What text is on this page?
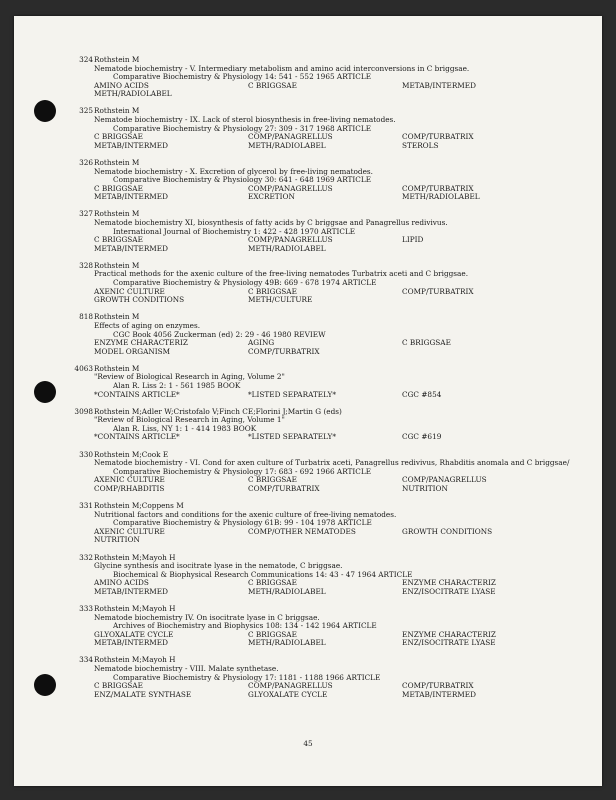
324 Rothstein M
Nematode biochemistry - V. Intermediary metabolism and amino acid interconversions in C briggsae.
Comparative Biochemistry & Physiology 14: 541 - 552 1965 ARTICLE
AMINO ACIDS	C BRIGGSAE	METAB/INTERMED
METH/RADIOLABEL
325 Rothstein M
Nematode biochemistry - IX. Lack of sterol biosynthesis in free-living nematodes.
Comparative Biochemistry & Physiology 27: 309 - 317 1968 ARTICLE
C BRIGGSAE	COMP/PANAGRELLUS	COMP/TURBATRIX
METAB/INTERMED	METH/RADIOLABEL	STEROLS
326 Rothstein M
Nematode biochemistry - X. Excretion of glycerol by free-living nematodes.
Comparative Biochemistry & Physiology 30: 641 - 648 1969 ARTICLE
C BRIGGSAE	COMP/PANAGRELLUS	COMP/TURBATRIX
METAB/INTERMED	EXCRETION	METH/RADIOLABEL
327 Rothstein M
Nematode biochemistry XI, biosynthesis of fatty acids by C briggsae and Panagrellus redivivus.
International Journal of Biochemistry 1: 422 - 428 1970 ARTICLE
C BRIGGSAE	COMP/PANAGRELLUS	LIPID
METAB/INTERMED	METH/RADIOLABEL
328 Rothstein M
Practical methods for the axenic culture of the free-living nematodes Turbatrix aceti and C briggsae.
Comparative Biochemistry & Physiology 49B: 669 - 678 1974 ARTICLE
AXENIC CULTURE	C BRIGGSAE	COMP/TURBATRIX
GROWTH CONDITIONS	METH/CULTURE
818 Rothstein M
Effects of aging on enzymes.
CGC Book 4056 Zuckerman (ed) 2: 29 - 46 1980 REVIEW
ENZYME CHARACTERIZ	AGING	C BRIGGSAE
MODEL ORGANISM	COMP/TURBATRIX
4063 Rothstein M
"Review of Biological Research in Aging, Volume 2"
Alan R. Liss 2: 1 - 561 1985 BOOK
*CONTAINS ARTICLE*	*LISTED SEPARATELY*	CGC #854
3098 Rothstein M;Adler W;Cristofalo V;Finch CE;Florini J;Martin G (eds)
"Review of Biological Research in Aging, Volume 1"
Alan R. Liss, NY 1: 1 - 414 1983 BOOK
*CONTAINS ARTICLE*	*LISTED SEPARATELY*	CGC #619
330 Rothstein M;Cook E
Nematode biochemistry - VI. Cond for axen culture of Turbatrix aceti, Panagrellus redivivus, Rhabditis anomala and C briggsae/
Comparative Biochemistry & Physiology 17: 683 - 692 1966 ARTICLE
AXENIC CULTURE	C BRIGGSAE	COMP/PANAGRELLUS
COMP/RHABDITIS	COMP/TURBATRIX	NUTRITION
331 Rothstein M;Coppens M
Nutritional factors and conditions for the axenic culture of free-living nematodes.
Comparative Biochemistry & Physiology 61B: 99 - 104 1978 ARTICLE
AXENIC CULTURE	COMP/OTHER NEMATODES	GROWTH CONDITIONS
NUTRITION
332 Rothstein M;Mayoh H
Glycine synthesis and isocitrate lyase in the nematode, C briggsae.
Biochemical & Biophysical Research Communications 14: 43 - 47 1964 ARTICLE
AMINO ACIDS	C BRIGGSAE	ENZYME CHARACTERIZ
METAB/INTERMED	METH/RADIOLABEL	ENZ/ISOCITRATE LYASE
333 Rothstein M;Mayoh H
Nematode biochemistry IV. On isocitrate lyase in C briggsae.
Archives of Biochemistry and Biophysics 108: 134 - 142 1964 ARTICLE
GLYOXALATE CYCLE	C BRIGGSAE	ENZYME CHARACTERIZ
METAB/INTERMED	METH/RADIOLABEL	ENZ/ISOCITRATE LYASE
334 Rothstein M;Mayoh H
Nematode biochemistry - VIII. Malate synthetase.
Comparative Biochemistry & Physiology 17: 1181 - 1188 1966 ARTICLE
C BRIGGSAE	COMP/PANAGRELLUS	COMP/TURBATRIX
ENZ/MALATE SYNTHASE	GLYOXALATE CYCLE	METAB/INTERMED
45
